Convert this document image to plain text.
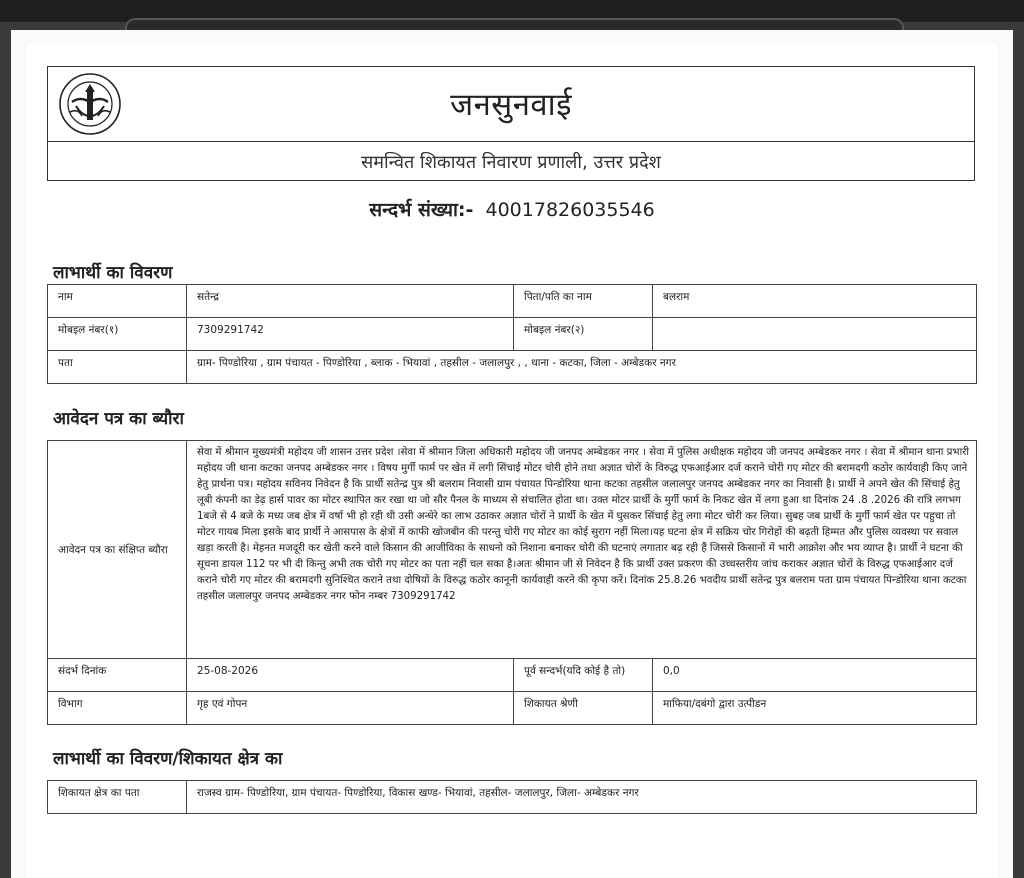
जनसुनवाई
समन्वित शिकायत निवारण प्रणाली, उत्तर प्रदेश
सन्दर्भ संख्या:- 40017826035546
लाभार्थी का विवरण
नाम	सतेन्द्र	पिता/पति का नाम	बलराम
मोबइल नंबर(१)	7309291742	मोबइल नंबर(२)	
पता	ग्राम- पिण्डोरिया , ग्राम पंचायत - पिण्डोरिया , ब्लाक - भियावां , तहसील - जलालपुर , , थाना - कटका, जिला - अम्बेडकर नगर		
आवेदन पत्र का ब्यौरा
आवेदन पत्र का संक्षिप्त ब्यौरा	सेवा में श्रीमान मुख्यमंत्री महोदय जी शासन उत्तर प्रदेश ।सेवा में श्रीमान जिला अधिकारी महोदय जी जनपद अम्बेडकर नगर । सेवा में पुलिस अधीक्षक महोदय जी जनपद अम्बेडकर नगर । सेवा में श्रीमान थाना प्रभारी महोदय जी थाना कटका जनपद अम्बेडकर नगर । विषय मुर्गी फार्म पर खेत में लगी सिंचाई मोटर चोरी होने तथा अज्ञात चोरों के विरुद्ध एफआईआर दर्ज कराने चोरी गए मोटर की बरामदगी कठोर कार्यवाही किए जाने हेतु प्रार्थना पत्र। महोदय सविनय निवेदन है कि प्रार्थी सतेन्द्र पुत्र श्री बलराम निवासी ग्राम पंचायत पिन्डोरिया थाना कटका तहसील जलालपुर जनपद अम्बेडकर नगर का निवासी है। प्रार्थी ने अपने खेत की सिंचाई हेतु लूबी कंपनी का डेढ़ हार्स पावर का मोटर स्थापित कर रखा था जो सौर पैनल के माध्यम से संचालित होता था। उक्त मोटर प्रार्थी के मुर्गी फार्म के निकट खेत में लगा हुआ था दिनांक 24 .8 .2026 की रात्रि लगभग 1बजे से 4 बजे के मध्य जब क्षेत्र में वर्षा भी हो रही थी उसी अन्धेरे का लाभ उठाकर अज्ञात चोरों ने प्रार्थी के खेत में घुसकर सिंचाई हेतु लगा मोटर चोरी कर लिया। सुबह जब प्रार्थी के मुर्गी फार्म खेत पर पहुचा तो मोटर गायब मिला इसके बाद प्रार्थी ने आसपास के क्षेत्रों में काफी खोजबीन की परन्तु चोरी गए मोटर का कोई सुराग नहीं मिला।यह घटना क्षेत्र में सक्रिय चोर गिरोहों की बढ़ती हिम्मत और पुलिस व्यवस्था पर सवाल खड़ा करती है। मेहनत मजदूरी कर खेती करने वाले किसान की आजीविका के साधनो को निशाना बनाकर चोरी की घटनाएं लगातार बढ़ रही हैं जिससे किसानों में भारी आक्रोश और भय व्याप्त है। प्रार्थी ने घटना की सूचना डायल 112 पर भी दी किन्तु अभी तक चोरी गए मोटर का पता नहीं चल सका है।अतः श्रीमान जी से निवेदन है कि प्रार्थी उक्त प्रकरण की उच्चस्तरीय जांच कराकर अज्ञात चोरों के विरुद्ध एफआईआर दर्ज कराने चोरी गए मोटर की बरामदगी सुनिश्चित कराने तथा दोषियों के विरुद्ध कठोर कानूनी कार्यवाही करने की कृपा करें। दिनांक 25.8.26 भवदीय प्रार्थी सतेन्द्र पुत्र बलराम पता ग्राम पंचायत पिन्डोरिया थाना कटका तहसील जलालपुर जनपद अम्बेडकर नगर फोन नम्बर 7309291742		
संदर्भ दिनांक	25-08-2026	पूर्व सन्दर्भ(यदि कोई है तो)	0,0
विभाग	गृह एवं गोपन	शिकायत श्रेणी	माफिया/दबंगो द्वारा उत्पीडन
लाभार्थी का विवरण/शिकायत क्षेत्र का
शिकायत क्षेत्र का पता	राजस्व ग्राम- पिण्डोरिया, ग्राम पंचायत- पिण्डोरिया, विकास खण्ड- भियावां, तहसील- जलालपुर, जिला- अम्बेडकर नगर
